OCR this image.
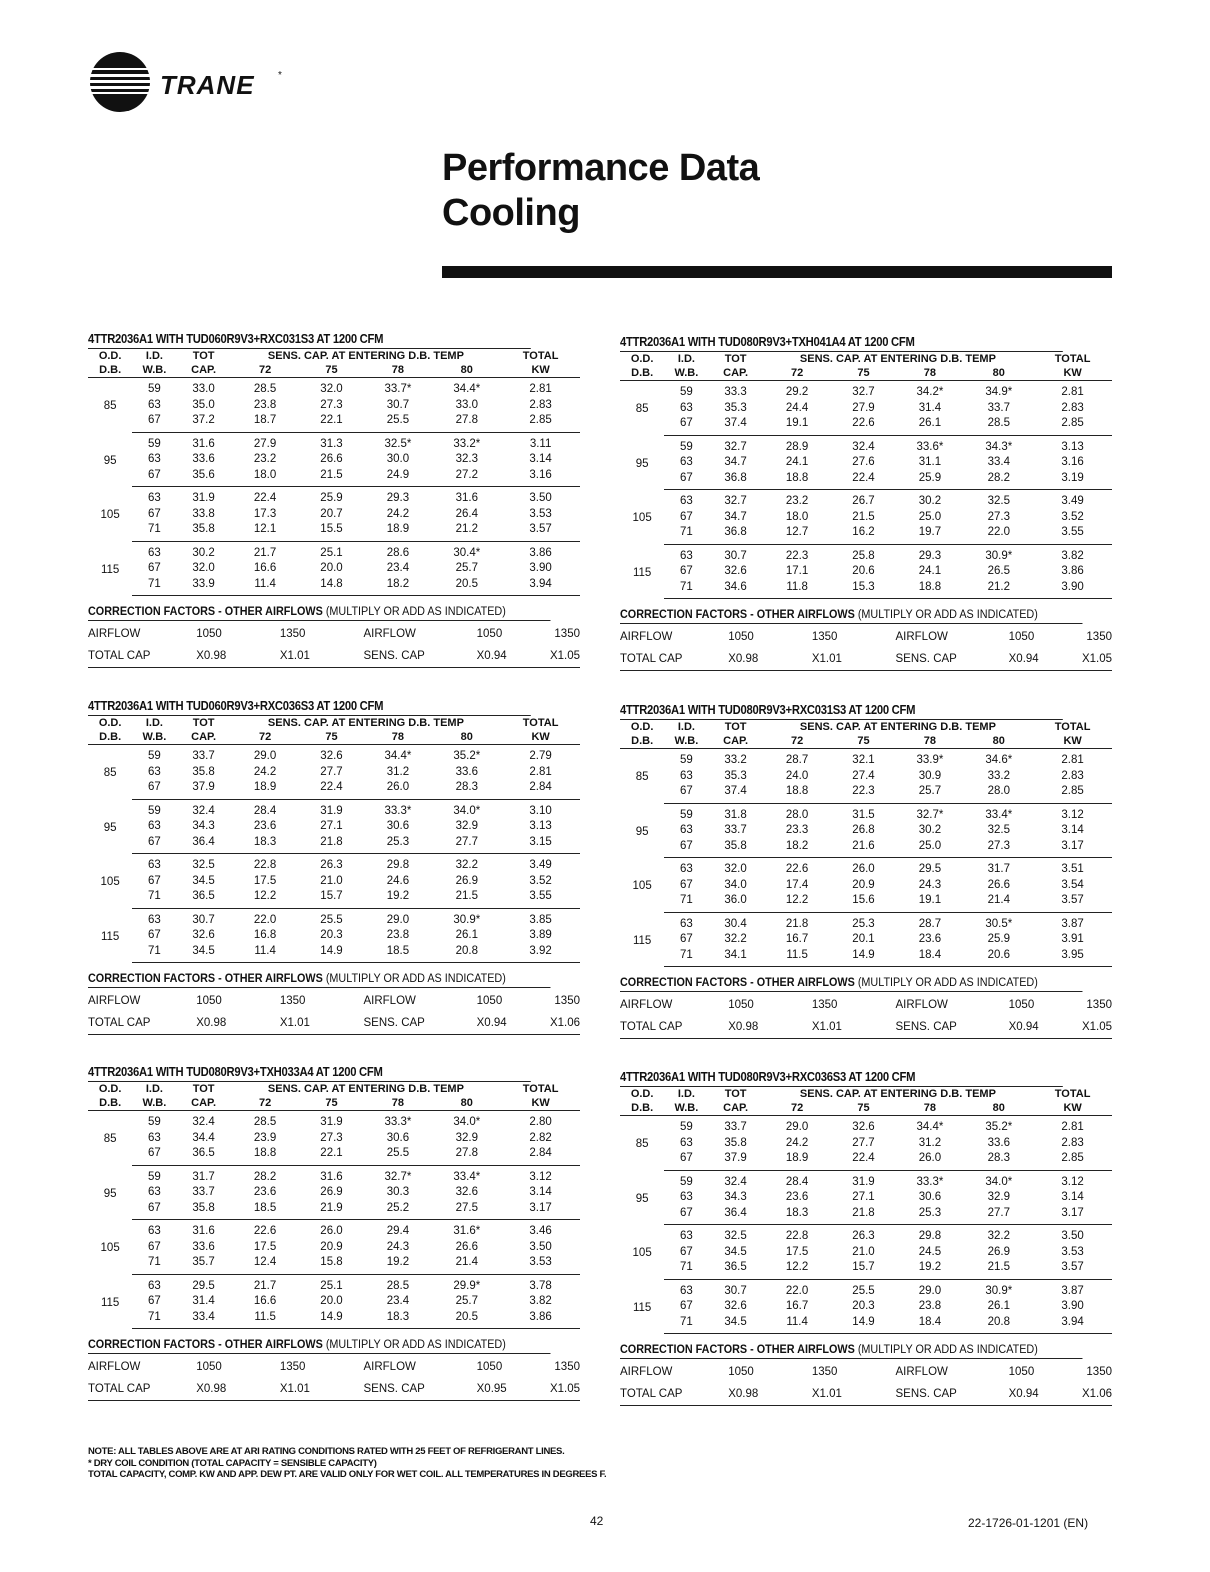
TRANE *
Performance Data
Cooling
4TTR2036A1 WITH TUD060R9V3+RXC031S3 AT 1200 CFM
O.D.	I.D.	TOT	SENS. CAP. AT ENTERING D.B. TEMP				TOTAL
D.B.	W.B.	CAP.	72	75	78	80	KW
85	59	33.0	28.5	32.0	33.7*	34.4*	2.81
	63	35.0	23.8	27.3	30.7	33.0	2.83
	67	37.2	18.7	22.1	25.5	27.8	2.85
95	59	31.6	27.9	31.3	32.5*	33.2*	3.11
	63	33.6	23.2	26.6	30.0	32.3	3.14
	67	35.6	18.0	21.5	24.9	27.2	3.16
105	63	31.9	22.4	25.9	29.3	31.6	3.50
	67	33.8	17.3	20.7	24.2	26.4	3.53
	71	35.8	12.1	15.5	18.9	21.2	3.57
115	63	30.2	21.7	25.1	28.6	30.4*	3.86
	67	32.0	16.6	20.0	23.4	25.7	3.90
	71	33.9	11.4	14.8	18.2	20.5	3.94
CORRECTION FACTORS - OTHER AIRFLOWS (MULTIPLY OR ADD AS INDICATED)
AIRFLOW	1050	1350	AIRFLOW	1050	1350
TOTAL CAP	X0.98	X1.01	SENS. CAP	X0.94	X1.05
4TTR2036A1 WITH TUD080R9V3+TXH041A4 AT 1200 CFM
O.D.	I.D.	TOT	SENS. CAP. AT ENTERING D.B. TEMP				TOTAL
D.B.	W.B.	CAP.	72	75	78	80	KW
85	59	33.3	29.2	32.7	34.2*	34.9*	2.81
	63	35.3	24.4	27.9	31.4	33.7	2.83
	67	37.4	19.1	22.6	26.1	28.5	2.85
95	59	32.7	28.9	32.4	33.6*	34.3*	3.13
	63	34.7	24.1	27.6	31.1	33.4	3.16
	67	36.8	18.8	22.4	25.9	28.2	3.19
105	63	32.7	23.2	26.7	30.2	32.5	3.49
	67	34.7	18.0	21.5	25.0	27.3	3.52
	71	36.8	12.7	16.2	19.7	22.0	3.55
115	63	30.7	22.3	25.8	29.3	30.9*	3.82
	67	32.6	17.1	20.6	24.1	26.5	3.86
	71	34.6	11.8	15.3	18.8	21.2	3.90
CORRECTION FACTORS - OTHER AIRFLOWS (MULTIPLY OR ADD AS INDICATED)
AIRFLOW	1050	1350	AIRFLOW	1050	1350
TOTAL CAP	X0.98	X1.01	SENS. CAP	X0.94	X1.05
4TTR2036A1 WITH TUD060R9V3+RXC036S3 AT 1200 CFM
O.D.	I.D.	TOT	SENS. CAP. AT ENTERING D.B. TEMP				TOTAL
D.B.	W.B.	CAP.	72	75	78	80	KW
85	59	33.7	29.0	32.6	34.4*	35.2*	2.79
	63	35.8	24.2	27.7	31.2	33.6	2.81
	67	37.9	18.9	22.4	26.0	28.3	2.84
95	59	32.4	28.4	31.9	33.3*	34.0*	3.10
	63	34.3	23.6	27.1	30.6	32.9	3.13
	67	36.4	18.3	21.8	25.3	27.7	3.15
105	63	32.5	22.8	26.3	29.8	32.2	3.49
	67	34.5	17.5	21.0	24.6	26.9	3.52
	71	36.5	12.2	15.7	19.2	21.5	3.55
115	63	30.7	22.0	25.5	29.0	30.9*	3.85
	67	32.6	16.8	20.3	23.8	26.1	3.89
	71	34.5	11.4	14.9	18.5	20.8	3.92
CORRECTION FACTORS - OTHER AIRFLOWS (MULTIPLY OR ADD AS INDICATED)
AIRFLOW	1050	1350	AIRFLOW	1050	1350
TOTAL CAP	X0.98	X1.01	SENS. CAP	X0.94	X1.06
4TTR2036A1 WITH TUD080R9V3+RXC031S3 AT 1200 CFM
O.D.	I.D.	TOT	SENS. CAP. AT ENTERING D.B. TEMP				TOTAL
D.B.	W.B.	CAP.	72	75	78	80	KW
85	59	33.2	28.7	32.1	33.9*	34.6*	2.81
	63	35.3	24.0	27.4	30.9	33.2	2.83
	67	37.4	18.8	22.3	25.7	28.0	2.85
95	59	31.8	28.0	31.5	32.7*	33.4*	3.12
	63	33.7	23.3	26.8	30.2	32.5	3.14
	67	35.8	18.2	21.6	25.0	27.3	3.17
105	63	32.0	22.6	26.0	29.5	31.7	3.51
	67	34.0	17.4	20.9	24.3	26.6	3.54
	71	36.0	12.2	15.6	19.1	21.4	3.57
115	63	30.4	21.8	25.3	28.7	30.5*	3.87
	67	32.2	16.7	20.1	23.6	25.9	3.91
	71	34.1	11.5	14.9	18.4	20.6	3.95
CORRECTION FACTORS - OTHER AIRFLOWS (MULTIPLY OR ADD AS INDICATED)
AIRFLOW	1050	1350	AIRFLOW	1050	1350
TOTAL CAP	X0.98	X1.01	SENS. CAP	X0.94	X1.05
4TTR2036A1 WITH TUD080R9V3+TXH033A4 AT 1200 CFM
O.D.	I.D.	TOT	SENS. CAP. AT ENTERING D.B. TEMP				TOTAL
D.B.	W.B.	CAP.	72	75	78	80	KW
85	59	32.4	28.5	31.9	33.3*	34.0*	2.80
	63	34.4	23.9	27.3	30.6	32.9	2.82
	67	36.5	18.8	22.1	25.5	27.8	2.84
95	59	31.7	28.2	31.6	32.7*	33.4*	3.12
	63	33.7	23.6	26.9	30.3	32.6	3.14
	67	35.8	18.5	21.9	25.2	27.5	3.17
105	63	31.6	22.6	26.0	29.4	31.6*	3.46
	67	33.6	17.5	20.9	24.3	26.6	3.50
	71	35.7	12.4	15.8	19.2	21.4	3.53
115	63	29.5	21.7	25.1	28.5	29.9*	3.78
	67	31.4	16.6	20.0	23.4	25.7	3.82
	71	33.4	11.5	14.9	18.3	20.5	3.86
CORRECTION FACTORS - OTHER AIRFLOWS (MULTIPLY OR ADD AS INDICATED)
AIRFLOW	1050	1350	AIRFLOW	1050	1350
TOTAL CAP	X0.98	X1.01	SENS. CAP	X0.95	X1.05
4TTR2036A1 WITH TUD080R9V3+RXC036S3 AT 1200 CFM
O.D.	I.D.	TOT	SENS. CAP. AT ENTERING D.B. TEMP				TOTAL
D.B.	W.B.	CAP.	72	75	78	80	KW
85	59	33.7	29.0	32.6	34.4*	35.2*	2.81
	63	35.8	24.2	27.7	31.2	33.6	2.83
	67	37.9	18.9	22.4	26.0	28.3	2.85
95	59	32.4	28.4	31.9	33.3*	34.0*	3.12
	63	34.3	23.6	27.1	30.6	32.9	3.14
	67	36.4	18.3	21.8	25.3	27.7	3.17
105	63	32.5	22.8	26.3	29.8	32.2	3.50
	67	34.5	17.5	21.0	24.5	26.9	3.53
	71	36.5	12.2	15.7	19.2	21.5	3.57
115	63	30.7	22.0	25.5	29.0	30.9*	3.87
	67	32.6	16.7	20.3	23.8	26.1	3.90
	71	34.5	11.4	14.9	18.4	20.8	3.94
CORRECTION FACTORS - OTHER AIRFLOWS (MULTIPLY OR ADD AS INDICATED)
AIRFLOW	1050	1350	AIRFLOW	1050	1350
TOTAL CAP	X0.98	X1.01	SENS. CAP	X0.94	X1.06
NOTE: ALL TABLES ABOVE ARE AT ARI RATING CONDITIONS RATED WITH 25 FEET OF REFRIGERANT LINES.
* DRY COIL CONDITION (TOTAL CAPACITY = SENSIBLE CAPACITY)
TOTAL CAPACITY, COMP. KW AND APP. DEW PT. ARE VALID ONLY FOR WET COIL. ALL TEMPERATURES IN DEGREES F.
42	22-1726-01-1201 (EN)
